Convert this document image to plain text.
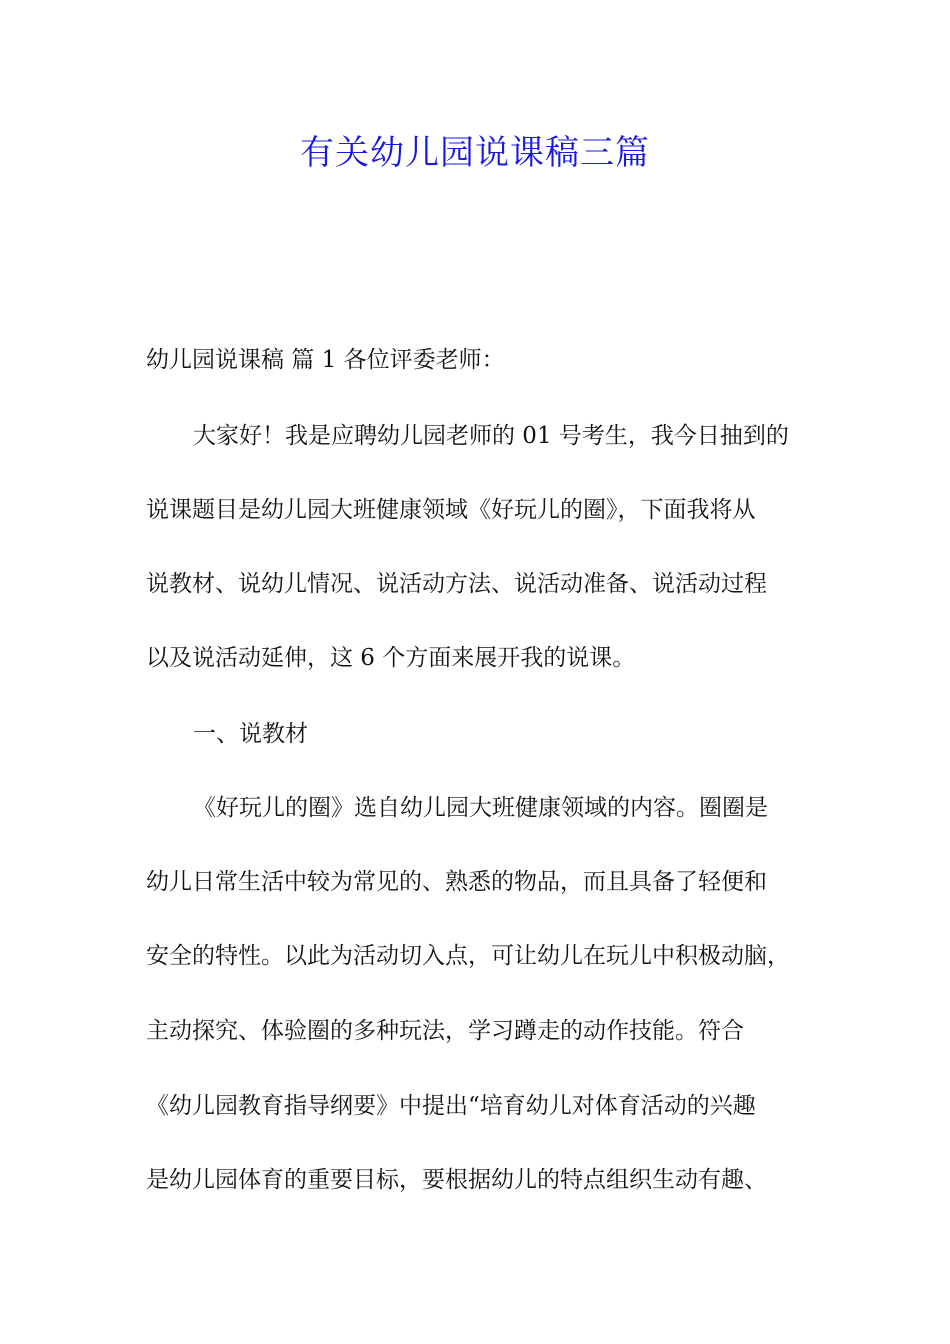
有关幼儿园说课稿三篇

幼儿园说课稿 篇 1 各位评委老师：

大家好！我是应聘幼儿园老师的 01 号考生，我今日抽到的

说课题目是幼儿园大班健康领域《好玩儿的圈》，下面我将从

说教材、说幼儿情况、说活动方法、说活动准备、说活动过程

以及说活动延伸，这 6 个方面来展开我的说课。

一、说教材

《好玩儿的圈》选自幼儿园大班健康领域的内容。圈圈是

幼儿日常生活中较为常见的、熟悉的物品，而且具备了轻便和

安全的特性。以此为活动切入点，可让幼儿在玩儿中积极动脑，

主动探究、体验圈的多种玩法，学习蹲走的动作技能。符合

《幼儿园教育指导纲要》中提出“培育幼儿对体育活动的兴趣

是幼儿园体育的重要目标，要根据幼儿的特点组织生动有趣、
